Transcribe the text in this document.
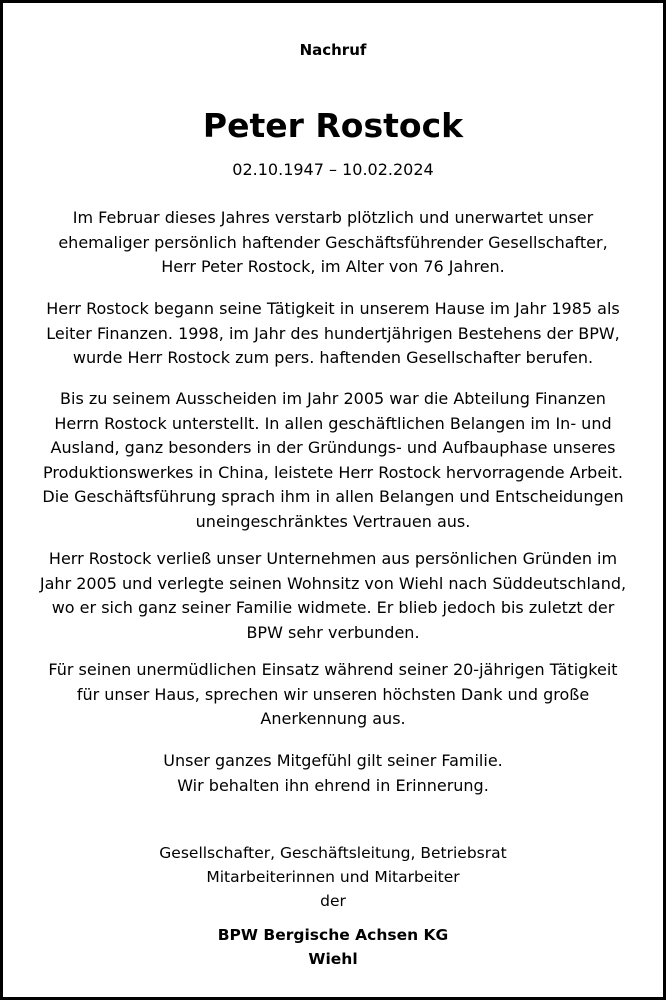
Nachruf
Peter Rostock
02.10.1947 – 10.02.2024
Im Februar dieses Jahres verstarb plötzlich und unerwartet unser
ehemaliger persönlich haftender Geschäftsführender Gesellschafter,
Herr Peter Rostock, im Alter von 76 Jahren.
Herr Rostock begann seine Tätigkeit in unserem Hause im Jahr 1985 als
Leiter Finanzen. 1998, im Jahr des hundertjährigen Bestehens der BPW,
wurde Herr Rostock zum pers. haftenden Gesellschafter berufen.
Bis zu seinem Ausscheiden im Jahr 2005 war die Abteilung Finanzen
Herrn Rostock unterstellt. In allen geschäftlichen Belangen im In- und
Ausland, ganz besonders in der Gründungs- und Aufbauphase unseres
Produktionswerkes in China, leistete Herr Rostock hervorragende Arbeit.
Die Geschäftsführung sprach ihm in allen Belangen und Entscheidungen
uneingeschränktes Vertrauen aus.
Herr Rostock verließ unser Unternehmen aus persönlichen Gründen im
Jahr 2005 und verlegte seinen Wohnsitz von Wiehl nach Süddeutschland,
wo er sich ganz seiner Familie widmete. Er blieb jedoch bis zuletzt der
BPW sehr verbunden.
Für seinen unermüdlichen Einsatz während seiner 20-jährigen Tätigkeit
für unser Haus, sprechen wir unseren höchsten Dank und große
Anerkennung aus.
Unser ganzes Mitgefühl gilt seiner Familie.
Wir behalten ihn ehrend in Erinnerung.
Gesellschafter, Geschäftsleitung, Betriebsrat
Mitarbeiterinnen und Mitarbeiter
der
BPW Bergische Achsen KG
Wiehl
